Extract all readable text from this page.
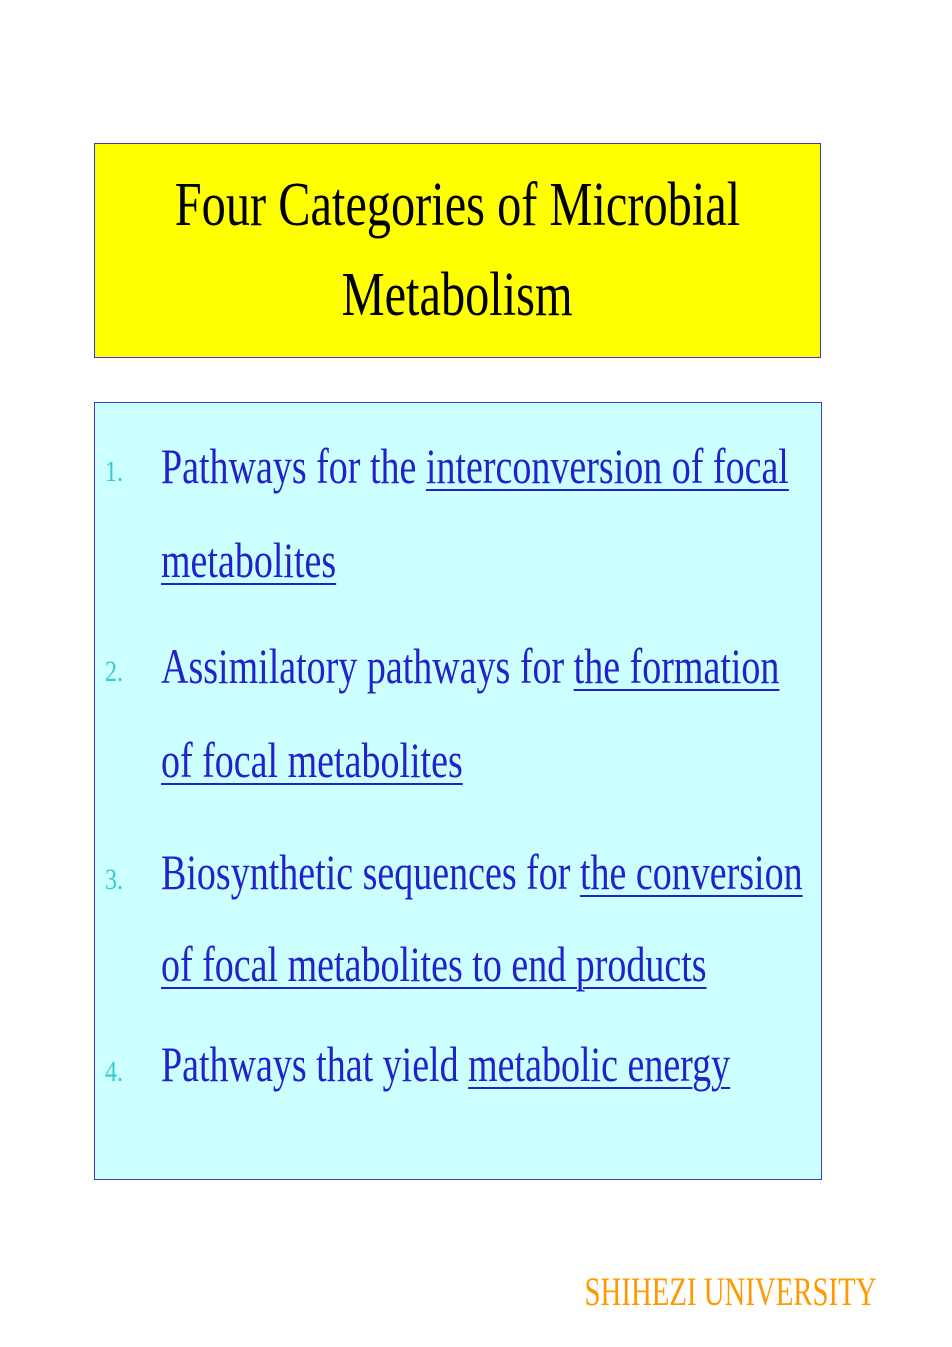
Four Categories of Microbial
Metabolism
1. Pathways for the interconversion of focal
metabolites
2. Assimilatory pathways for the formation
of focal metabolites
3. Biosynthetic sequences for the conversion
of focal metabolites to end products
4. Pathways that yield metabolic energy
SHIHEZI UNIVERSITY
